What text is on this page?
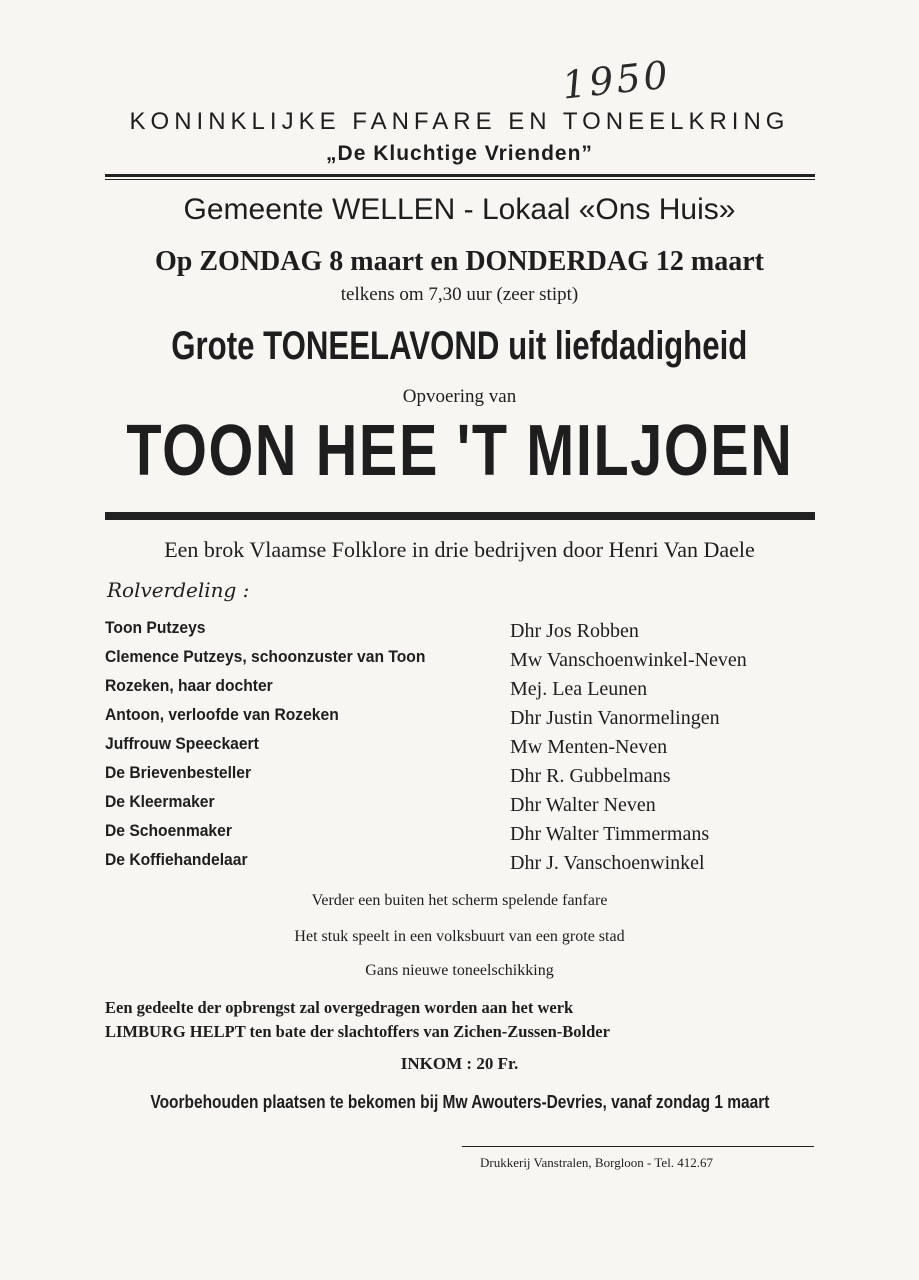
1950
KONINKLIJKE FANFARE EN TONEELKRING
„De Kluchtige Vrienden”
Gemeente WELLEN - Lokaal «Ons Huis»
Op ZONDAG 8 maart en DONDERDAG 12 maart
telkens om 7,30 uur (zeer stipt)
Grote TONEELAVOND uit liefdadigheid
Opvoering van
TOON HEE 'T MILJOEN
Een brok Vlaamse Folklore in drie bedrijven door Henri Van Daele
Rolverdeling :
Toon Putzeys	Dhr Jos Robben
Clemence Putzeys, schoonzuster van Toon	Mw Vanschoenwinkel-Neven
Rozeken, haar dochter	Mej. Lea Leunen
Antoon, verloofde van Rozeken	Dhr Justin Vanormelingen
Juffrouw Speeckaert	Mw Menten-Neven
De Brievenbesteller	Dhr R. Gubbelmans
De Kleermaker	Dhr Walter Neven
De Schoenmaker	Dhr Walter Timmermans
De Koffiehandelaar	Dhr J. Vanschoenwinkel
Verder een buiten het scherm spelende fanfare
Het stuk speelt in een volksbuurt van een grote stad
Gans nieuwe toneelschikking
Een gedeelte der opbrengst zal overgedragen worden aan het werk
LIMBURG HELPT ten bate der slachtoffers van Zichen-Zussen-Bolder
INKOM : 20 Fr.
Voorbehouden plaatsen te bekomen bij Mw Awouters-Devries, vanaf zondag 1 maart
Drukkerij Vanstralen, Borgloon - Tel. 412.67
